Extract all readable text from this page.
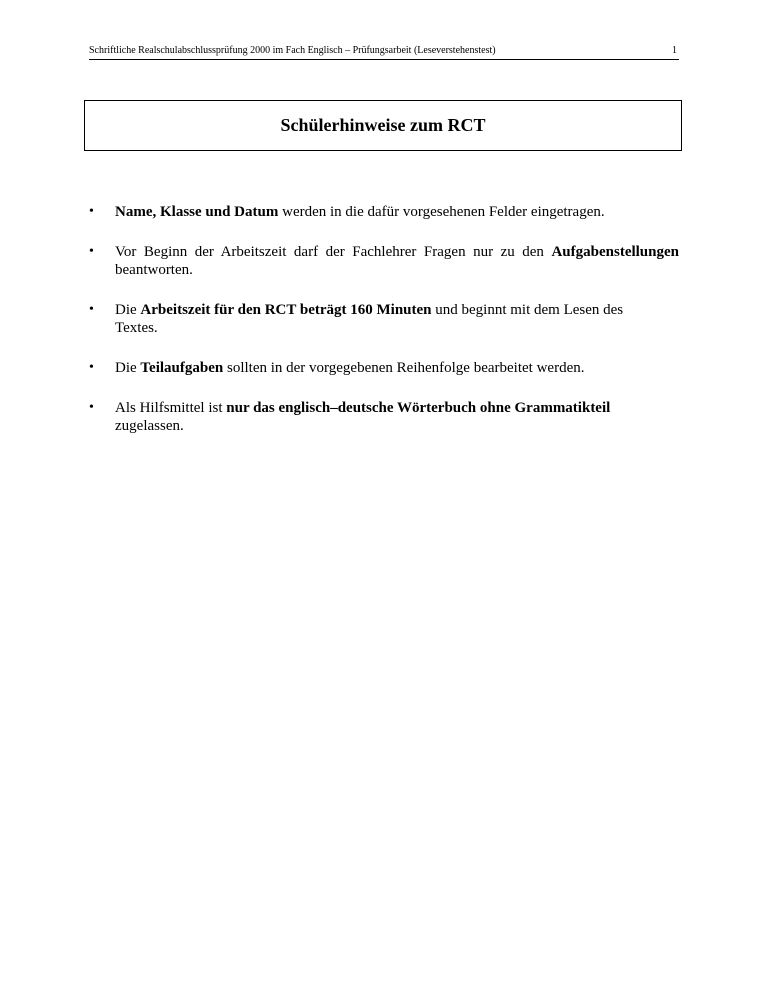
Schriftliche Realschulabschlussprüfung 2000 im Fach Englisch – Prüfungsarbeit (Leseverstehenstest)	1
Schülerhinweise zum RCT
• Name, Klasse und Datum werden in die dafür vorgesehenen Felder eingetragen.
• Vor Beginn der Arbeitszeit darf der Fachlehrer Fragen nur zu den Aufgabenstellungen beantworten.
• Die Arbeitszeit für den RCT beträgt 160 Minuten und beginnt mit dem Lesen des
Textes.
• Die Teilaufgaben sollten in der vorgegebenen Reihenfolge bearbeitet werden.
• Als Hilfsmittel ist nur das englisch–deutsche Wörterbuch ohne Grammatikteil
zugelassen.
